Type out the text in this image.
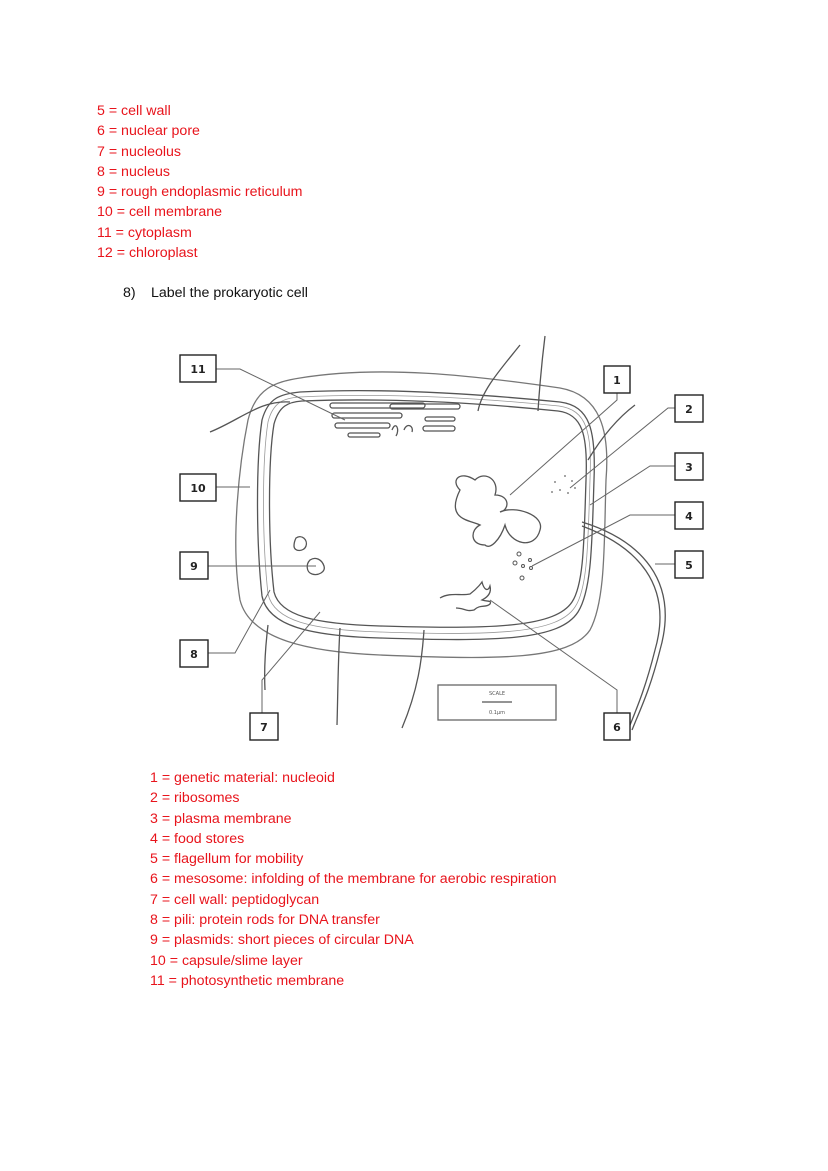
5 = cell wall
6 = nuclear pore
7 = nucleolus
8 = nucleus
9 = rough endoplasmic reticulum
10 = cell membrane
11 = cytoplasm
12 = chloroplast
8) Label the prokaryotic cell
11
10
9
8
7
1
2
3
4
5
6
SCALE
0.1μm
1 = genetic material: nucleoid
2 = ribosomes
3 = plasma membrane
4 = food stores
5 = flagellum for mobility
6 = mesosome: infolding of the membrane for aerobic respiration
7 = cell wall: peptidoglycan
8 = pili: protein rods for DNA transfer
9 = plasmids: short pieces of circular DNA
10 = capsule/slime layer
11 = photosynthetic membrane
